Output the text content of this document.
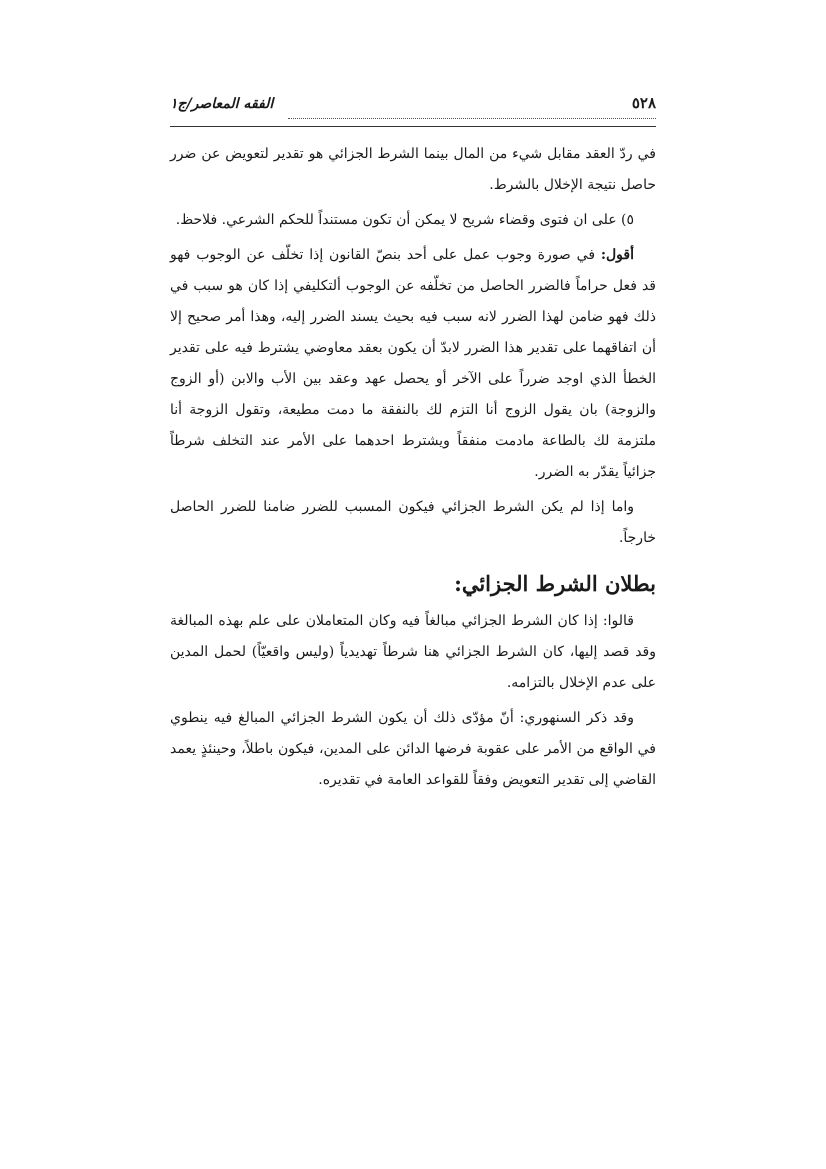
٥٢٨
الفقه المعاصر/ج١

في ردّ العقد مقابل شيء من المال بينما الشرط الجزائي هو تقدير لتعويض عن ضرر حاصل نتيجة الإخلال بالشرط.

٥) على ان فتوى وقضاء شريح لا يمكن أن تكون مستنداً للحكم الشرعي. فلاحظ.

أقول: في صورة وجوب عمل على أحد بنصّ القانون إذا تخلّف عن الوجوب فهو قد فعل حراماً فالضرر الحاصل من تخلّفه عن الوجوب ألتكليفي إذا كان هو سبب في ذلك فهو ضامن لهذا الضرر لانه سبب فيه بحيث يسند الضرر إليه، وهذا أمر صحيح إلا أن اتفاقهما على تقدير هذا الضرر لابدّ أن يكون بعقد معاوضي يشترط فيه على تقدير الخطأ الذي اوجد ضرراً على الآخر أو يحصل عهد وعقد بين الأب والابن (أو الزوج والزوجة) بان يقول الزوج أنا التزم لك بالنفقة ما دمت مطيعة، وتقول الزوجة أنا ملتزمة لك بالطاعة مادمت منفقاً ويشترط احدهما على الأمر عند التخلف شرطاً جزائياً يقدّر به الضرر.

واما إذا لم يكن الشرط الجزائي فيكون المسبب للضرر ضامنا للضرر الحاصل خارجاً.

بطلان الشرط الجزائي:

قالوا: إذا كان الشرط الجزائي مبالغاً فيه وكان المتعاملان على علم بهذه المبالغة وقد قصد إليها، كان الشرط الجزائي هنا شرطاً تهديدياً (وليس واقعيّاً) لحمل المدين على عدم الإخلال بالتزامه.

وقد ذكر السنهوري: أنّ مؤدّى ذلك أن يكون الشرط الجزائي المبالغ فيه ينطوي في الواقع من الأمر على عقوبة فرضها الدائن على المدين، فيكون باطلاً، وحينئذٍ يعمد القاضي إلى تقدير التعويض وفقاً للقواعد العامة في تقديره.
